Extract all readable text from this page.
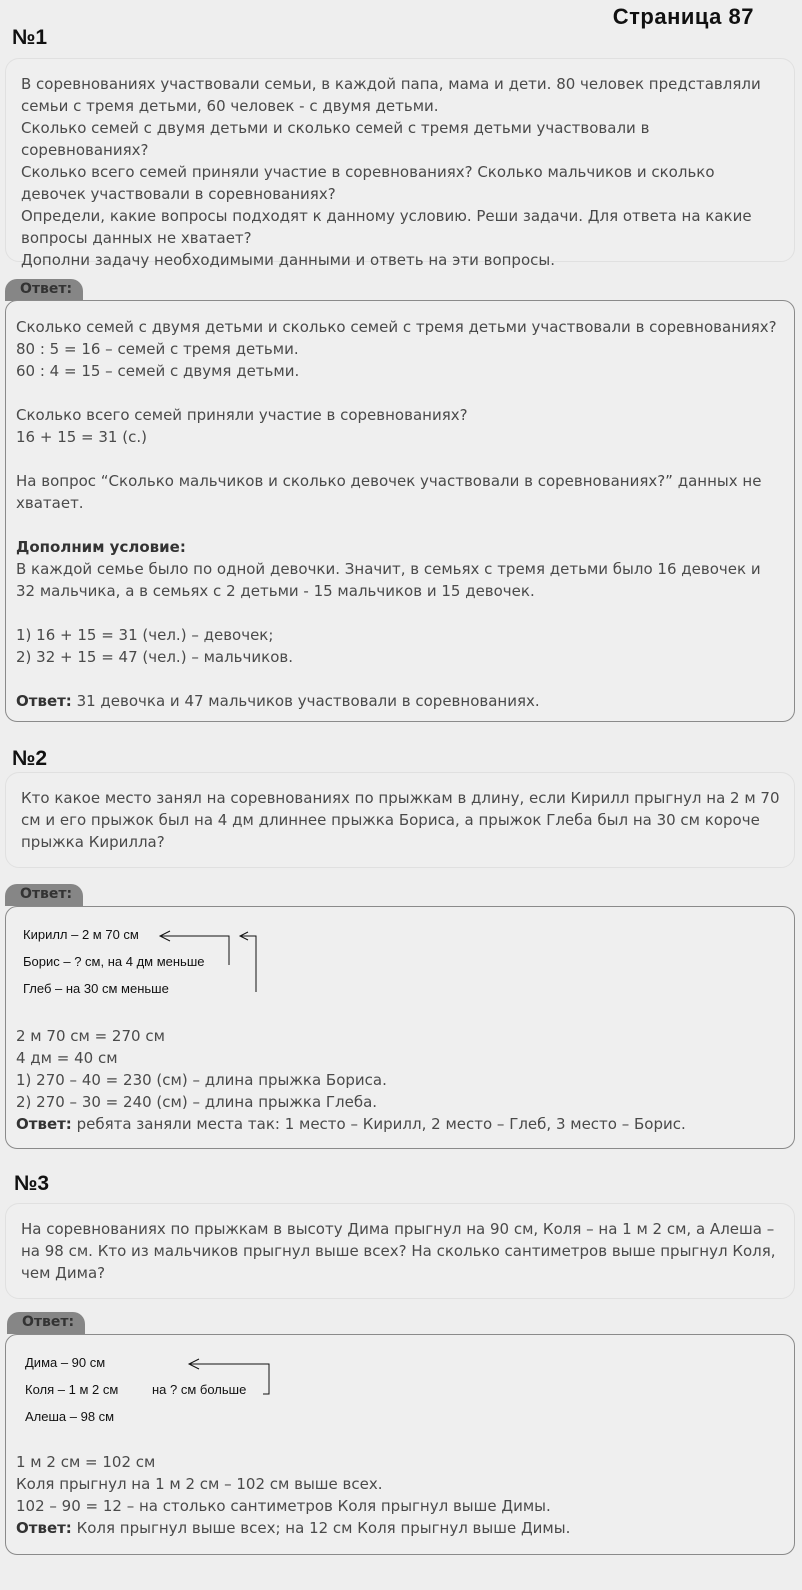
Страница 87
№1

В соревнованиях участвовали семьи, в каждой папа, мама и дети. 80 человек представляли семьи с тремя детьми, 60 человек - с двумя детьми.

Сколько семей с двумя детьми и сколько семей с тремя детьми участвовали в соревнованиях?

Сколько всего семей приняли участие в соревнованиях? Сколько мальчиков и сколько девочек участвовали в соревнованиях?

Определи, какие вопросы подходят к данному условию. Реши задачи. Для ответа на какие вопросы данных не хватает?

Дополни задачу необходимыми данными и ответь на эти вопросы.

Ответ:

Сколько семей с двумя детьми и сколько семей с тремя детьми участвовали в соревнованиях?

80 : 5 = 16 – семей с тремя детьми.

60 : 4 = 15 – семей с двумя детьми.

Сколько всего семей приняли участие в соревнованиях?

16 + 15 = 31 (с.)

На вопрос “Сколько мальчиков и сколько девочек участвовали в соревнованиях?” данных не хватает.

Дополним условие:

В каждой семье было по одной девочки. Значит, в семьях с тремя детьми было 16 девочек и 32 мальчика, а в семьях с 2 детьми - 15 мальчиков и 15 девочек.

1) 16 + 15 = 31 (чел.) – девочек;

2) 32 + 15 = 47 (чел.) – мальчиков.

Ответ: 31 девочка и 47 мальчиков участвовали в соревнованиях.

№2

Кто какое место занял на соревнованиях по прыжкам в длину, если Кирилл прыгнул на 2 м 70 см и его прыжок был на 4 дм длиннее прыжка Бориса, а прыжок Глеба был на 30 см короче прыжка Кирилла?

Ответ:
Кирилл – 2 м 70 см
Борис – ? см, на 4 дм меньше
Глеб – на 30 см меньше

2 м 70 см = 270 см

4 дм = 40 см

1) 270 – 40 = 230 (см) – длина прыжка Бориса.

2) 270 – 30 = 240 (см) – длина прыжка Глеба.

Ответ: ребята заняли места так: 1 место – Кирилл, 2 место – Глеб, 3 место – Борис.

№3

На соревнованиях по прыжкам в высоту Дима прыгнул на 90 см, Коля – на 1 м 2 см, а Алеша – на 98 см. Кто из мальчиков прыгнул выше всех? На сколько сантиметров выше прыгнул Коля, чем Дима?

Ответ:
Дима – 90 см
Коля – 1 м 2 см	на ? см больше
Алеша – 98 см

1 м 2 см = 102 см

Коля прыгнул на 1 м 2 см – 102 см выше всех.

102 – 90 = 12 – на столько сантиметров Коля прыгнул выше Димы.

Ответ: Коля прыгнул выше всех; на 12 см Коля прыгнул выше Димы.
